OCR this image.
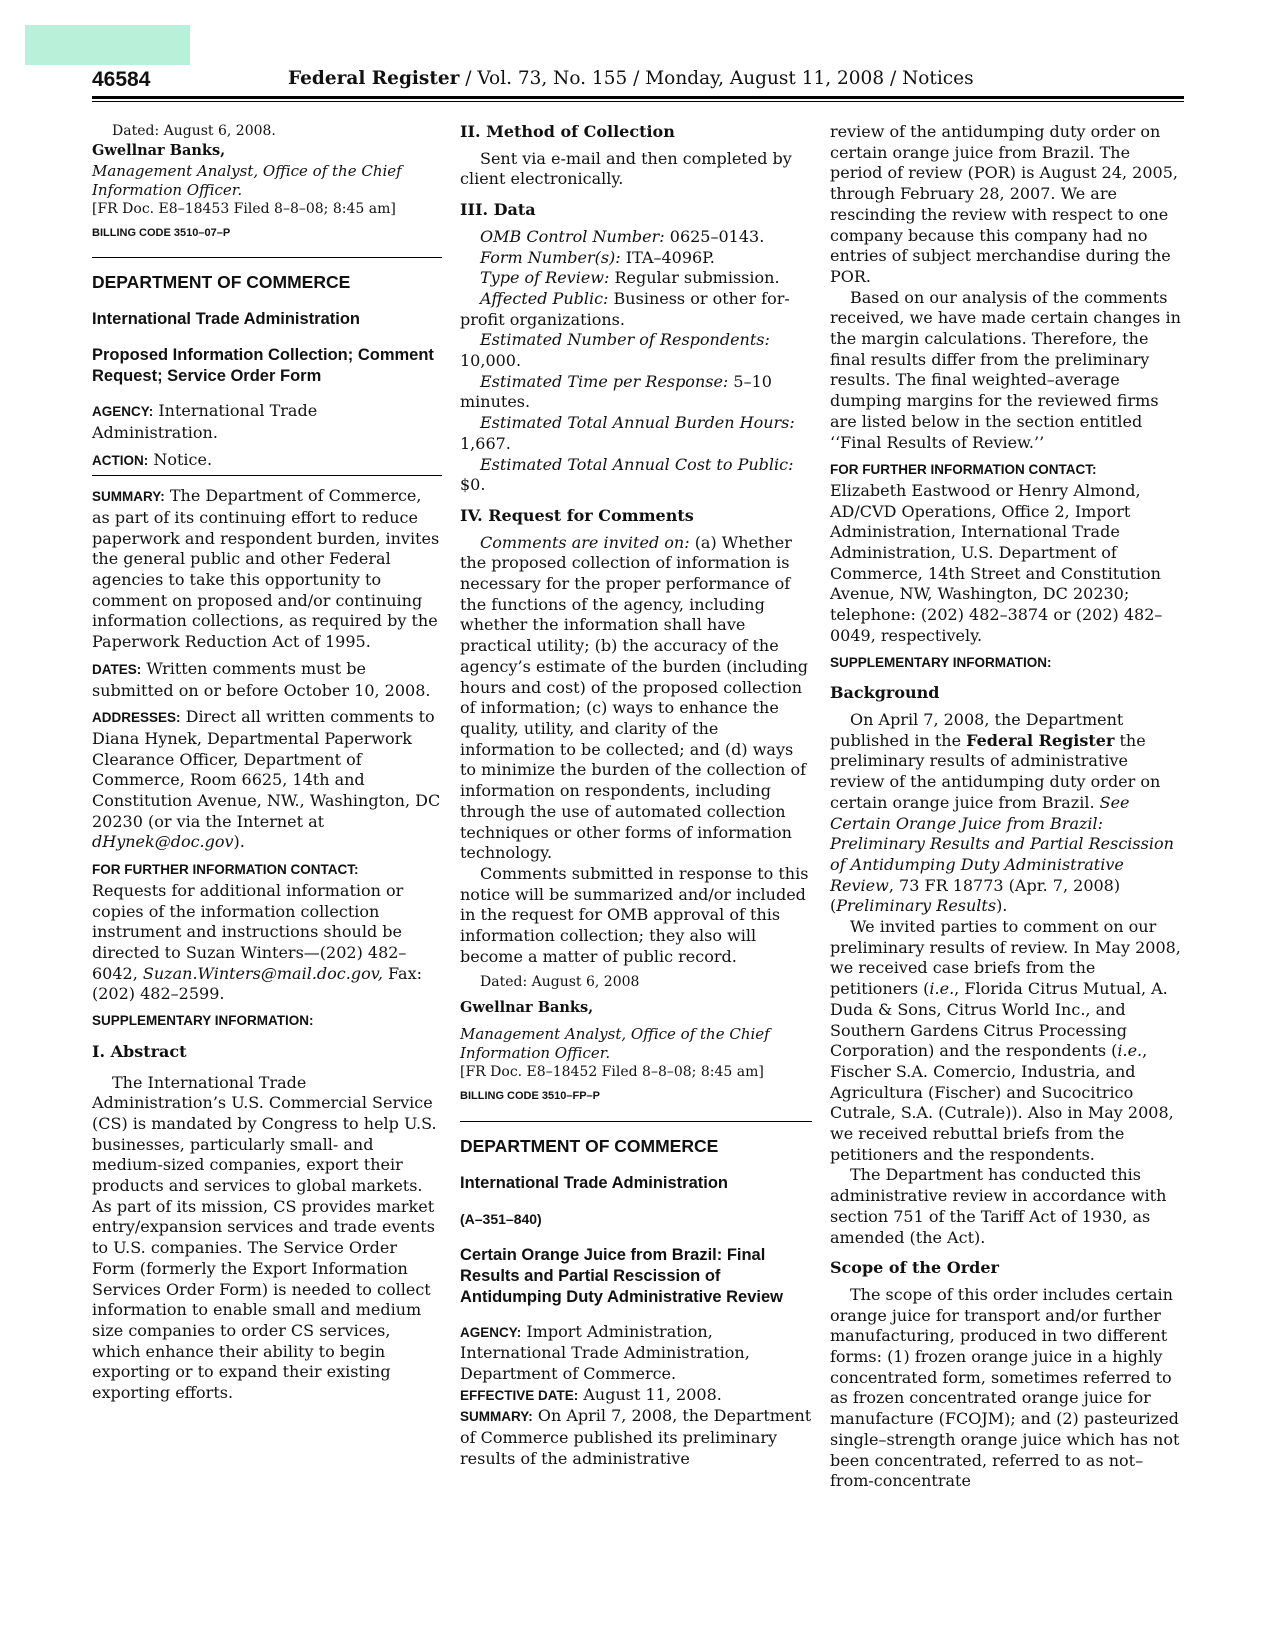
46584	Federal Register / Vol. 73, No. 155 / Monday, August 11, 2008 / Notices

Dated: August 6, 2008.

Gwellnar Banks,

Management Analyst, Office of the Chief Information Officer.

[FR Doc. E8–18453 Filed 8–8–08; 8:45 am]

BILLING CODE 3510–07–P

DEPARTMENT OF COMMERCE

International Trade Administration

Proposed Information Collection; Comment Request; Service Order Form

AGENCY: International Trade Administration.

ACTION: Notice.

SUMMARY: The Department of Commerce, as part of its continuing effort to reduce paperwork and respondent burden, invites the general public and other Federal agencies to take this opportunity to comment on proposed and/or continuing information collections, as required by the Paperwork Reduction Act of 1995.

DATES: Written comments must be submitted on or before October 10, 2008.

ADDRESSES: Direct all written comments to Diana Hynek, Departmental Paperwork Clearance Officer, Department of Commerce, Room 6625, 14th and Constitution Avenue, NW., Washington, DC 20230 (or via the Internet at dHynek@doc.gov).

FOR FURTHER INFORMATION CONTACT:
Requests for additional information or copies of the information collection instrument and instructions should be directed to Suzan Winters—(202) 482–6042, Suzan.Winters@mail.doc.gov, Fax: (202) 482–2599.

SUPPLEMENTARY INFORMATION:

I. Abstract

The International Trade Administration’s U.S. Commercial Service (CS) is mandated by Congress to help U.S. businesses, particularly small- and medium-sized companies, export their products and services to global markets. As part of its mission, CS provides market entry/expansion services and trade events to U.S. companies. The Service Order Form (formerly the Export Information Services Order Form) is needed to collect information to enable small and medium size companies to order CS services, which enhance their ability to begin exporting or to expand their existing exporting efforts.

II. Method of Collection

Sent via e-mail and then completed by client electronically.

III. Data

OMB Control Number: 0625–0143.

Form Number(s): ITA–4096P.

Type of Review: Regular submission.

Affected Public: Business or other for-profit organizations.

Estimated Number of Respondents: 10,000.

Estimated Time per Response: 5–10 minutes.

Estimated Total Annual Burden Hours: 1,667.

Estimated Total Annual Cost to Public: $0.

IV. Request for Comments

Comments are invited on: (a) Whether the proposed collection of information is necessary for the proper performance of the functions of the agency, including whether the information shall have practical utility; (b) the accuracy of the agency’s estimate of the burden (including hours and cost) of the proposed collection of information; (c) ways to enhance the quality, utility, and clarity of the information to be collected; and (d) ways to minimize the burden of the collection of information on respondents, including through the use of automated collection techniques or other forms of information technology.

Comments submitted in response to this notice will be summarized and/or included in the request for OMB approval of this information collection; they also will become a matter of public record.

Dated: August 6, 2008

Gwellnar Banks,

Management Analyst, Office of the Chief Information Officer.

[FR Doc. E8–18452 Filed 8–8–08; 8:45 am]

BILLING CODE 3510–FP–P

DEPARTMENT OF COMMERCE

International Trade Administration

(A–351–840)

Certain Orange Juice from Brazil: Final Results and Partial Rescission of Antidumping Duty Administrative Review

AGENCY: Import Administration, International Trade Administration, Department of Commerce.

EFFECTIVE DATE: August 11, 2008.

SUMMARY: On April 7, 2008, the Department of Commerce published its preliminary results of the administrative

review of the antidumping duty order on certain orange juice from Brazil. The period of review (POR) is August 24, 2005, through February 28, 2007. We are rescinding the review with respect to one company because this company had no entries of subject merchandise during the POR.

Based on our analysis of the comments received, we have made certain changes in the margin calculations. Therefore, the final results differ from the preliminary results. The final weighted–average dumping margins for the reviewed firms are listed below in the section entitled ‘‘Final Results of Review.’’

FOR FURTHER INFORMATION CONTACT:
Elizabeth Eastwood or Henry Almond, AD/CVD Operations, Office 2, Import Administration, International Trade Administration, U.S. Department of Commerce, 14th Street and Constitution Avenue, NW, Washington, DC 20230; telephone: (202) 482–3874 or (202) 482–0049, respectively.

SUPPLEMENTARY INFORMATION:

Background

On April 7, 2008, the Department published in the Federal Register the preliminary results of administrative review of the antidumping duty order on certain orange juice from Brazil. See Certain Orange Juice from Brazil: Preliminary Results and Partial Rescission of Antidumping Duty Administrative Review, 73 FR 18773 (Apr. 7, 2008) (Preliminary Results).

We invited parties to comment on our preliminary results of review. In May 2008, we received case briefs from the petitioners (i.e., Florida Citrus Mutual, A. Duda & Sons, Citrus World Inc., and Southern Gardens Citrus Processing Corporation) and the respondents (i.e., Fischer S.A. Comercio, Industria, and Agricultura (Fischer) and Sucocitrico Cutrale, S.A. (Cutrale)). Also in May 2008, we received rebuttal briefs from the petitioners and the respondents.

The Department has conducted this administrative review in accordance with section 751 of the Tariff Act of 1930, as amended (the Act).

Scope of the Order

The scope of this order includes certain orange juice for transport and/or further manufacturing, produced in two different forms: (1) frozen orange juice in a highly concentrated form, sometimes referred to as frozen concentrated orange juice for manufacture (FCOJM); and (2) pasteurized single–strength orange juice which has not been concentrated, referred to as not–from-concentrate
